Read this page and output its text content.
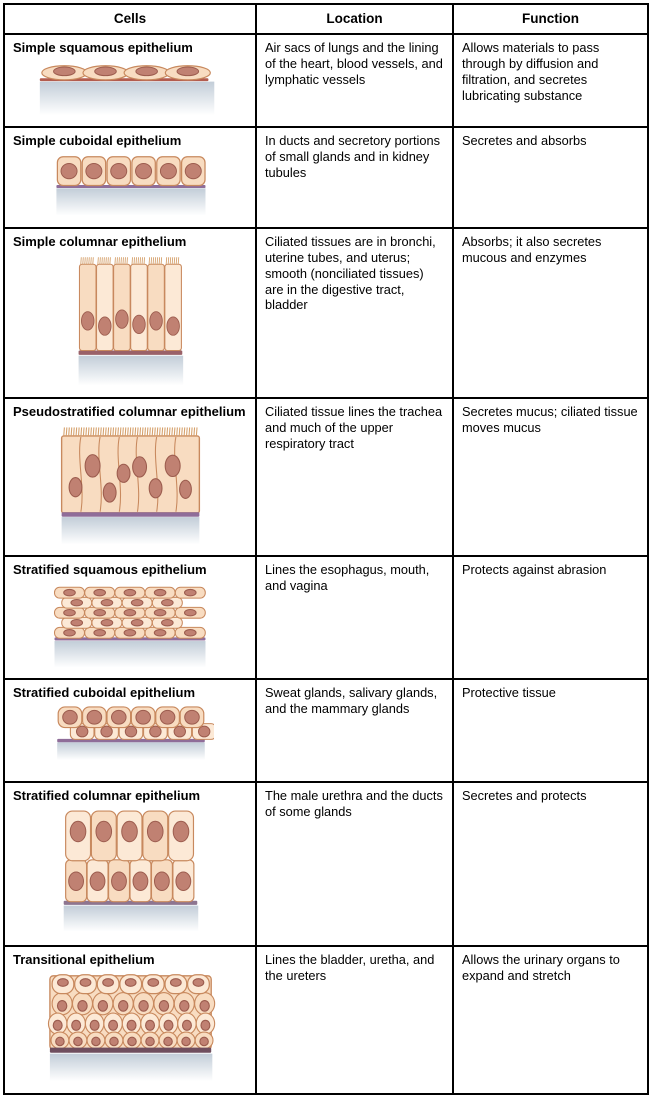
Cells	Location	Function

Simple squamous epithelium	Air sacs of lungs and the lining of the heart, blood vessels, and lymphatic vessels	Allows materials to pass through by diffusion and filtration, and secretes lubricating substance

Simple cuboidal epithelium	In ducts and secretory portions of small glands and in kidney tubules	Secretes and absorbs

Simple columnar epithelium	Ciliated tissues are in bronchi, uterine tubes, and uterus; smooth (nonciliated tissues) are in the digestive tract, bladder	Absorbs; it also secretes mucous and enzymes

Pseudostratified columnar epithelium	Ciliated tissue lines the trachea and much of the upper respiratory tract	Secretes mucus; ciliated tissue moves mucus

Stratified squamous epithelium	Lines the esophagus, mouth, and vagina	Protects against abrasion

Stratified cuboidal epithelium	Sweat glands, salivary glands, and the mammary glands	Protective tissue

Stratified columnar epithelium	The male urethra and the ducts of some glands	Secretes and protects

Transitional epithelium	Lines the bladder, uretha, and the ureters	Allows the urinary organs to expand and stretch
